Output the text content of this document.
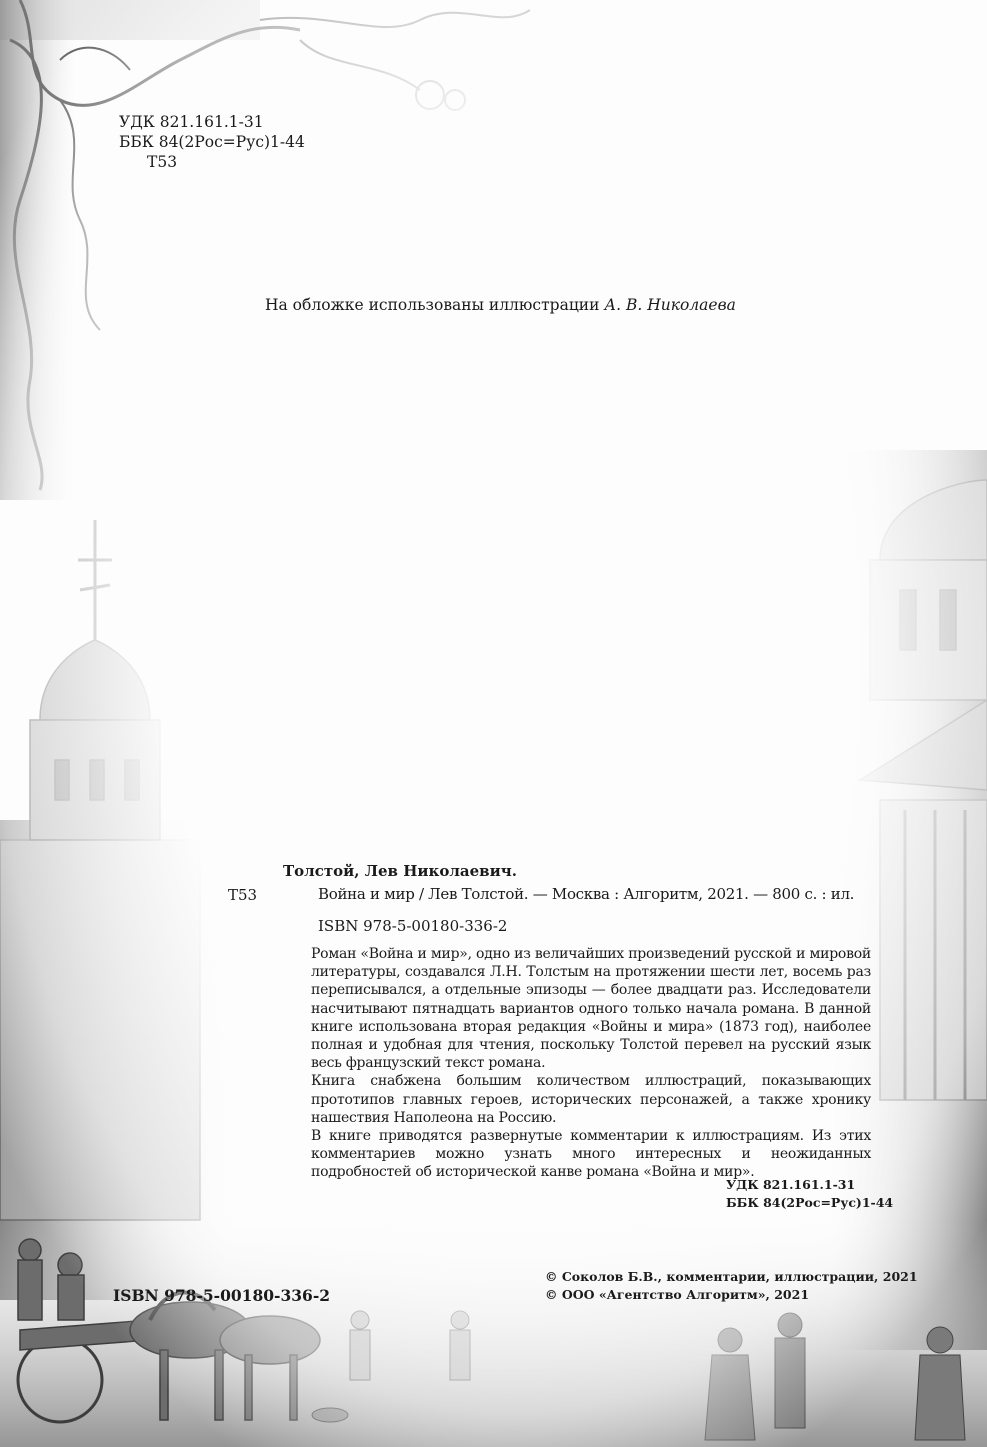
УДК 821.161.1-31
ББК 84(2Рос=Рус)1-44
Т53
На обложке использованы иллюстрации А. В. Николаева
Толстой, Лев Николаевич.
Т53	Война и мир / Лев Толстой. — Москва : Алгоритм, 2021. — 800 с. : ил.
ISBN 978-5-00180-336-2
Роман «Война и мир», одно из величайших произведений русской и мировой литературы, создавался Л.Н. Толстым на протяжении шести лет, восемь раз переписывался, а отдельные эпизоды — более двадцати раз. Исследователи насчитывают пятнадцать вариантов одного только начала романа. В данной книге использована вторая редакция «Войны и мира» (1873 год), наиболее полная и удобная для чтения, поскольку Толстой перевел на русский язык весь французский текст романа.
Книга снабжена большим количеством иллюстраций, показывающих прототипов главных героев, исторических персонажей, а также хронику нашествия Наполеона на Россию.
В книге приводятся развернутые комментарии к иллюстрациям. Из этих комментариев можно узнать много интересных и неожиданных подробностей об исторической канве романа «Война и мир».
УДК 821.161.1-31
ББК 84(2Рос=Рус)1-44
ISBN 978-5-00180-336-2
© Соколов Б.В., комментарии, иллюстрации, 2021
© ООО «Агентство Алгоритм», 2021
